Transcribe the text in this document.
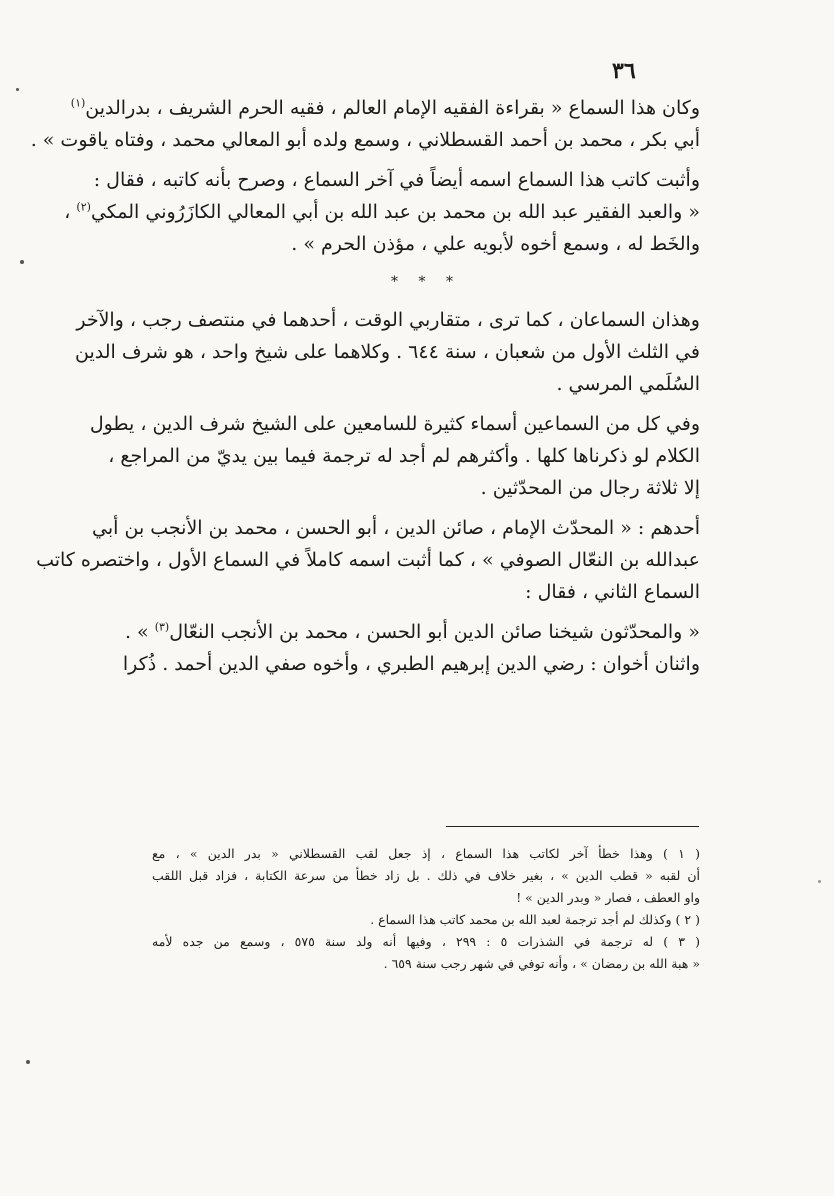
٣٦
وكان هذا السماع « بقراءة الفقيه الإمام العالم ، فقيه الحرم الشريف ، بدرالدين$^{(١)}$
أبي بكر ، محمد بن أحمد القسطلاني ، وسمع ولده أبو المعالي محمد ، وفتاه ياقوت » .
وأثبت كاتب هذا السماع اسمه أيضاً في آخر السماع ، وصرح بأنه كاتبه ، فقال :
« والعبد الفقير عبد الله بن محمد بن عبد الله بن أبي المعالي الكازَرُوني المكي$^{(٢)}$ ،
والخَط له ، وسمع أخوه لأبويه علي ، مؤذن الحرم » .
* * *
وهذان السماعان ، كما ترى ، متقاربي الوقت ، أحدهما في منتصف رجب ، والآخر
في الثلث الأول من شعبان ، سنة ٦٤٤ . وكلاهما على شيخ واحد ، هو شرف الدين
السُلَمي المرسي .
وفي كل من السماعين أسماء كثيرة للسامعين على الشيخ شرف الدين ، يطول
الكلام لو ذكرناها كلها . وأكثرهم لم أجد له ترجمة فيما بين يديّ من المراجع ،
إلا ثلاثة رجال من المحدّثين .
أحدهم : « المحدّث الإمام ، صائن الدين ، أبو الحسن ، محمد بن الأنجب بن أبي
عبدالله بن النعّال الصوفي » ، كما أثبت اسمه كاملاً في السماع الأول ، واختصره كاتب
السماع الثاني ، فقال :
« والمحدّثون شيخنا صائن الدين أبو الحسن ، محمد بن الأنجب النعّال$^{(٣)}$ » .
واثنان أخوان : رضي الدين إبرهيم الطبري ، وأخوه صفي الدين أحمد . ذُكرا
( ١ ) وهذا خطأ آخر لكاتب هذا السماع ، إذ جعل لقب القسطلاني « بدر الدين » ، مع
أن لقبه « قطب الدين » ، بغير خلاف في ذلك . بل زاد خطأ من سرعة الكتابة ، فزاد قبل اللقب
واو العطف ، فصار « وبدر الدين » !
( ٢ ) وكذلك لم أجد ترجمة لعبد الله بن محمد كاتب هذا السماع .
( ٣ ) له ترجمة في الشذرات ٥ : ٢٩٩ ، وفيها أنه ولد سنة ٥٧٥ ، وسمع من جده لأمه
« هبة الله بن رمضان » ، وأنه توفي في شهر رجب سنة ٦٥٩ .
